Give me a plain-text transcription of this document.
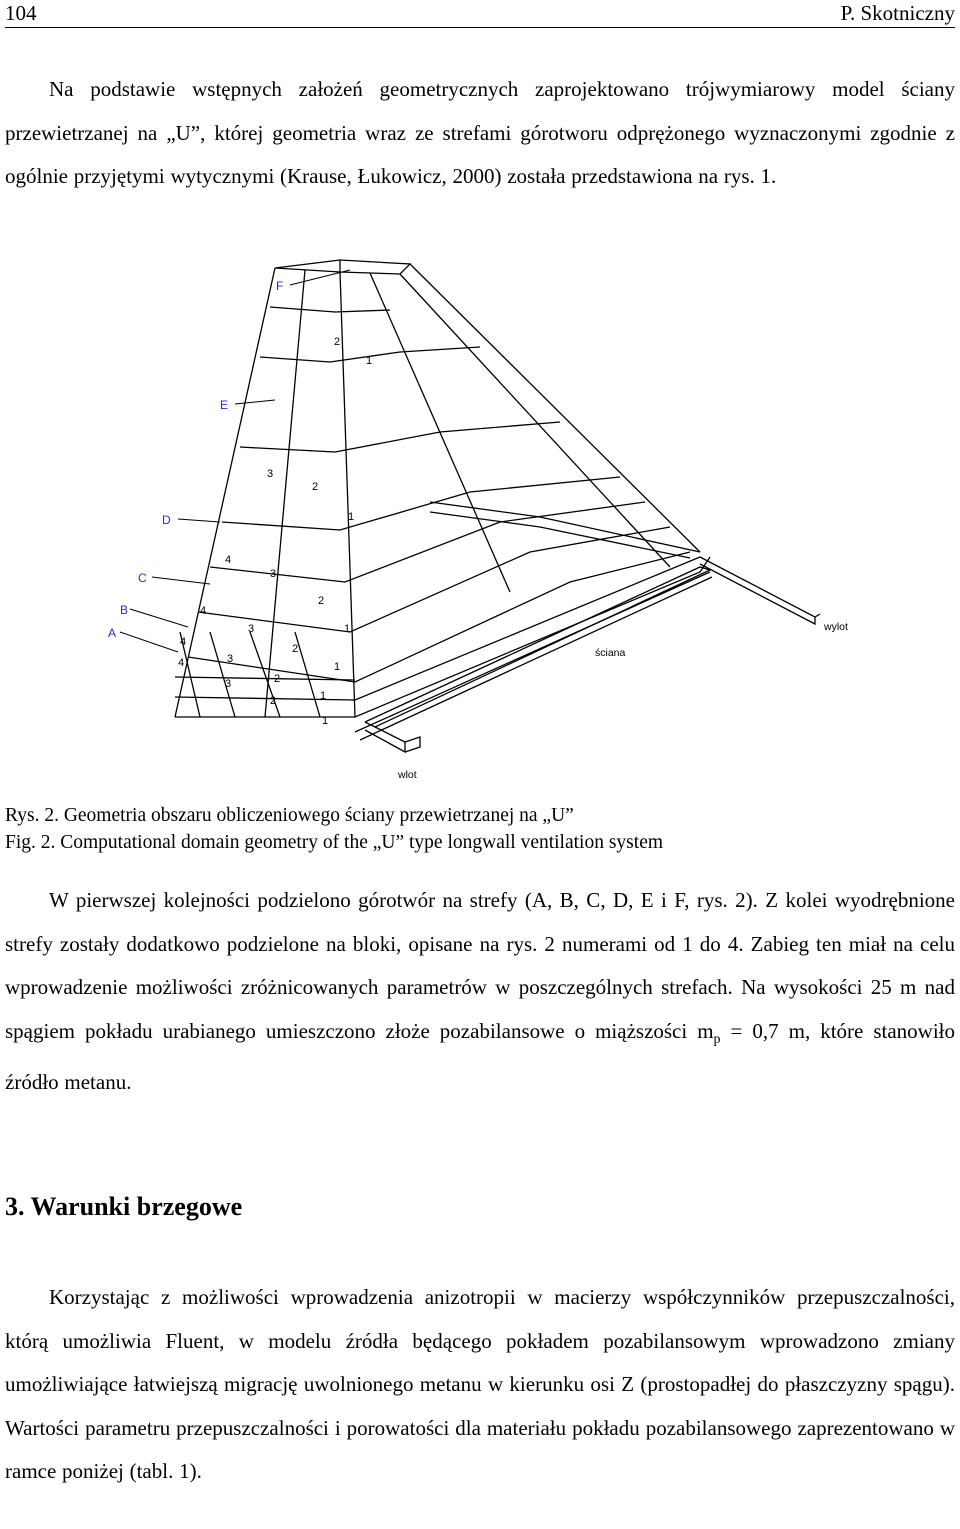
104	P. Skotniczny

Na podstawie wstępnych założeń geometrycznych zaprojektowano trójwymiarowy model ściany przewietrzanej na „U”, której geometria wraz ze strefami górotworu odprężonego wyznaczonymi zgodnie z ogólnie przyjętymi wytycznymi (Krause, Łukowicz, 2000) została przedstawiona na rys. 1.

F
E
D
C
B
A
2
1
3
2
1
4
3
2
1
4
3
2
1
4
3
2
1
4
3
2
1
wylot
ściana
wlot
Rys. 2. Geometria obszaru obliczeniowego ściany przewietrzanej na „U”
Fig. 2. Computational domain geometry of the „U” type longwall ventilation system

W pierwszej kolejności podzielono górotwór na strefy (A, B, C, D, E i F, rys. 2). Z kolei wyodrębnione strefy zostały dodatkowo podzielone na bloki, opisane na rys. 2 numerami od 1 do 4. Zabieg ten miał na celu wprowadzenie możliwości zróżnicowanych parametrów w poszczególnych strefach. Na wysokości 25 m nad spągiem pokładu urabianego umieszczono złoże pozabilansowe o miąższości $m_p = 0,7$ m, które stanowiło źródło metanu.

3. Warunki brzegowe

Korzystając z możliwości wprowadzenia anizotropii w macierzy współczynników przepuszczalności, którą umożliwia Fluent, w modelu źródła będącego pokładem pozabilansowym wprowadzono zmiany umożliwiające łatwiejszą migrację uwolnionego metanu w kierunku osi Z (prostopadłej do płaszczyzny spągu). Wartości parametru przepuszczalności i porowatości dla materiału pokładu pozabilansowego zaprezentowano w ramce poniżej (tabl. 1).
